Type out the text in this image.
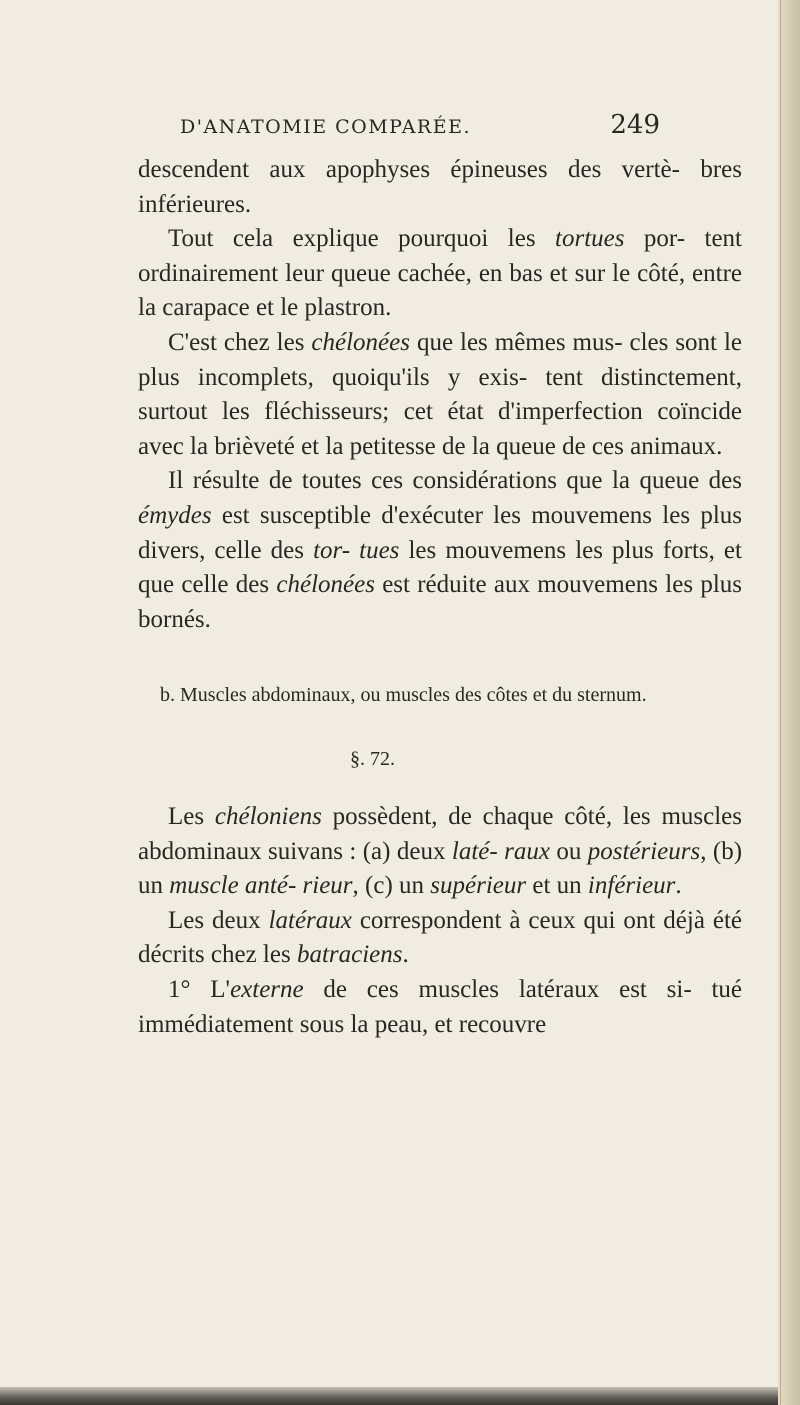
D'ANATOMIE COMPARÉE.	249

descendent aux apophyses épineuses des vertè- bres inférieures.

Tout cela explique pourquoi les tortues por- tent ordinairement leur queue cachée, en bas et sur le côté, entre la carapace et le plastron.

C'est chez les chélonées que les mêmes mus- cles sont le plus incomplets, quoiqu'ils y exis- tent distinctement, surtout les fléchisseurs; cet état d'imperfection coïncide avec la brièveté et la petitesse de la queue de ces animaux.

Il résulte de toutes ces considérations que la queue des émydes est susceptible d'exécuter les mouvemens les plus divers, celle des tor- tues les mouvemens les plus forts, et que celle des chélonées est réduite aux mouvemens les plus bornés.

b. Muscles abdominaux, ou muscles des côtes et du sternum.
§. 72.

Les chéloniens possèdent, de chaque côté, les muscles abdominaux suivans : (a) deux laté- raux ou postérieurs, (b) un muscle anté- rieur, (c) un supérieur et un inférieur.

Les deux latéraux correspondent à ceux qui ont déjà été décrits chez les batraciens.

1° L'externe de ces muscles latéraux est si- tué immédiatement sous la peau, et recouvre
